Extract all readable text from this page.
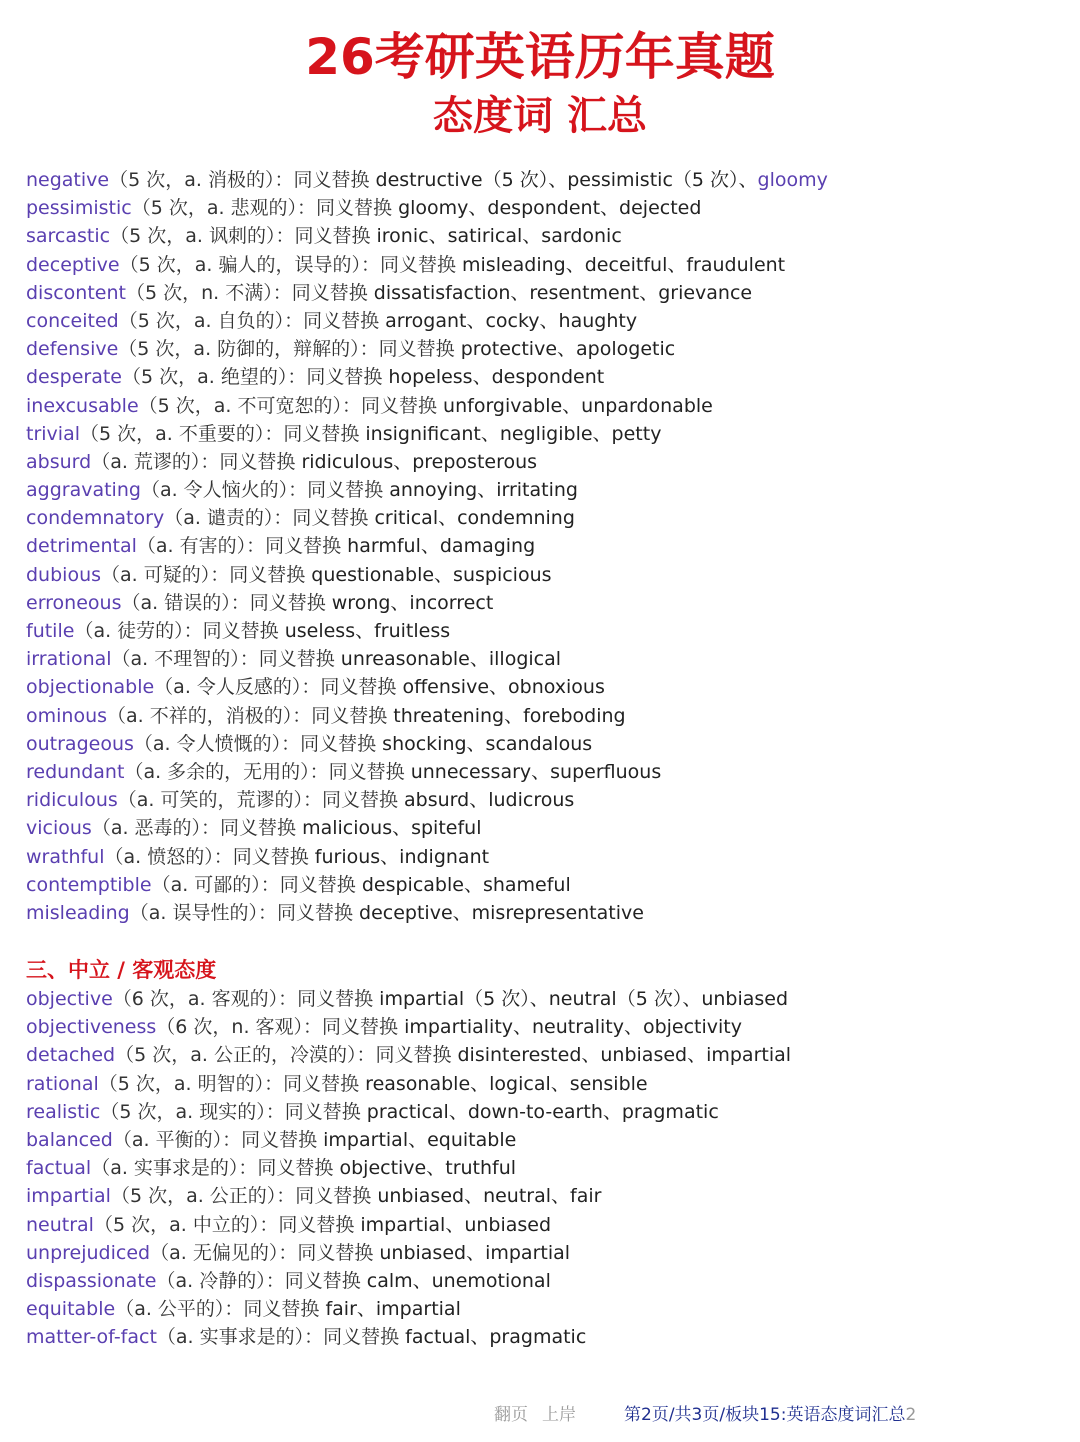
26考研英语历年真题
态度词 汇总
negative（5 次，a. 消极的）：同义替换 destructive（5 次）、pessimistic（5 次）、gloomy
pessimistic（5 次，a. 悲观的）：同义替换 gloomy、despondent、dejected
sarcastic（5 次，a. 讽刺的）：同义替换 ironic、satirical、sardonic
deceptive（5 次，a. 骗人的，误导的）：同义替换 misleading、deceitful、fraudulent
discontent（5 次，n. 不满）：同义替换 dissatisfaction、resentment、grievance
conceited（5 次，a. 自负的）：同义替换 arrogant、cocky、haughty
defensive（5 次，a. 防御的，辩解的）：同义替换 protective、apologetic
desperate（5 次，a. 绝望的）：同义替换 hopeless、despondent
inexcusable（5 次，a. 不可宽恕的）：同义替换 unforgivable、unpardonable
trivial（5 次，a. 不重要的）：同义替换 insignificant、negligible、petty
absurd（a. 荒谬的）：同义替换 ridiculous、preposterous
aggravating（a. 令人恼火的）：同义替换 annoying、irritating
condemnatory（a. 谴责的）：同义替换 critical、condemning
detrimental（a. 有害的）：同义替换 harmful、damaging
dubious（a. 可疑的）：同义替换 questionable、suspicious
erroneous（a. 错误的）：同义替换 wrong、incorrect
futile（a. 徒劳的）：同义替换 useless、fruitless
irrational（a. 不理智的）：同义替换 unreasonable、illogical
objectionable（a. 令人反感的）：同义替换 offensive、obnoxious
ominous（a. 不祥的，消极的）：同义替换 threatening、foreboding
outrageous（a. 令人愤慨的）：同义替换 shocking、scandalous
redundant（a. 多余的，无用的）：同义替换 unnecessary、superfluous
ridiculous（a. 可笑的，荒谬的）：同义替换 absurd、ludicrous
vicious（a. 恶毒的）：同义替换 malicious、spiteful
wrathful（a. 愤怒的）：同义替换 furious、indignant
contemptible（a. 可鄙的）：同义替换 despicable、shameful
misleading（a. 误导性的）：同义替换 deceptive、misrepresentative
三、中立 / 客观态度
objective（6 次，a. 客观的）：同义替换 impartial（5 次）、neutral（5 次）、unbiased
objectiveness（6 次，n. 客观）：同义替换 impartiality、neutrality、objectivity
detached（5 次，a. 公正的，冷漠的）：同义替换 disinterested、unbiased、impartial
rational（5 次，a. 明智的）：同义替换 reasonable、logical、sensible
realistic（5 次，a. 现实的）：同义替换 practical、down-to-earth、pragmatic
balanced（a. 平衡的）：同义替换 impartial、equitable
factual（a. 实事求是的）：同义替换 objective、truthful
impartial（5 次，a. 公正的）：同义替换 unbiased、neutral、fair
neutral（5 次，a. 中立的）：同义替换 impartial、unbiased
unprejudiced（a. 无偏见的）：同义替换 unbiased、impartial
dispassionate（a. 冷静的）：同义替换 calm、unemotional
equitable（a. 公平的）：同义替换 fair、impartial
matter-of-fact（a. 实事求是的）：同义替换 factual、pragmatic
翻页 上岸	第2页/共3页/板块15:英语态度词汇总2
